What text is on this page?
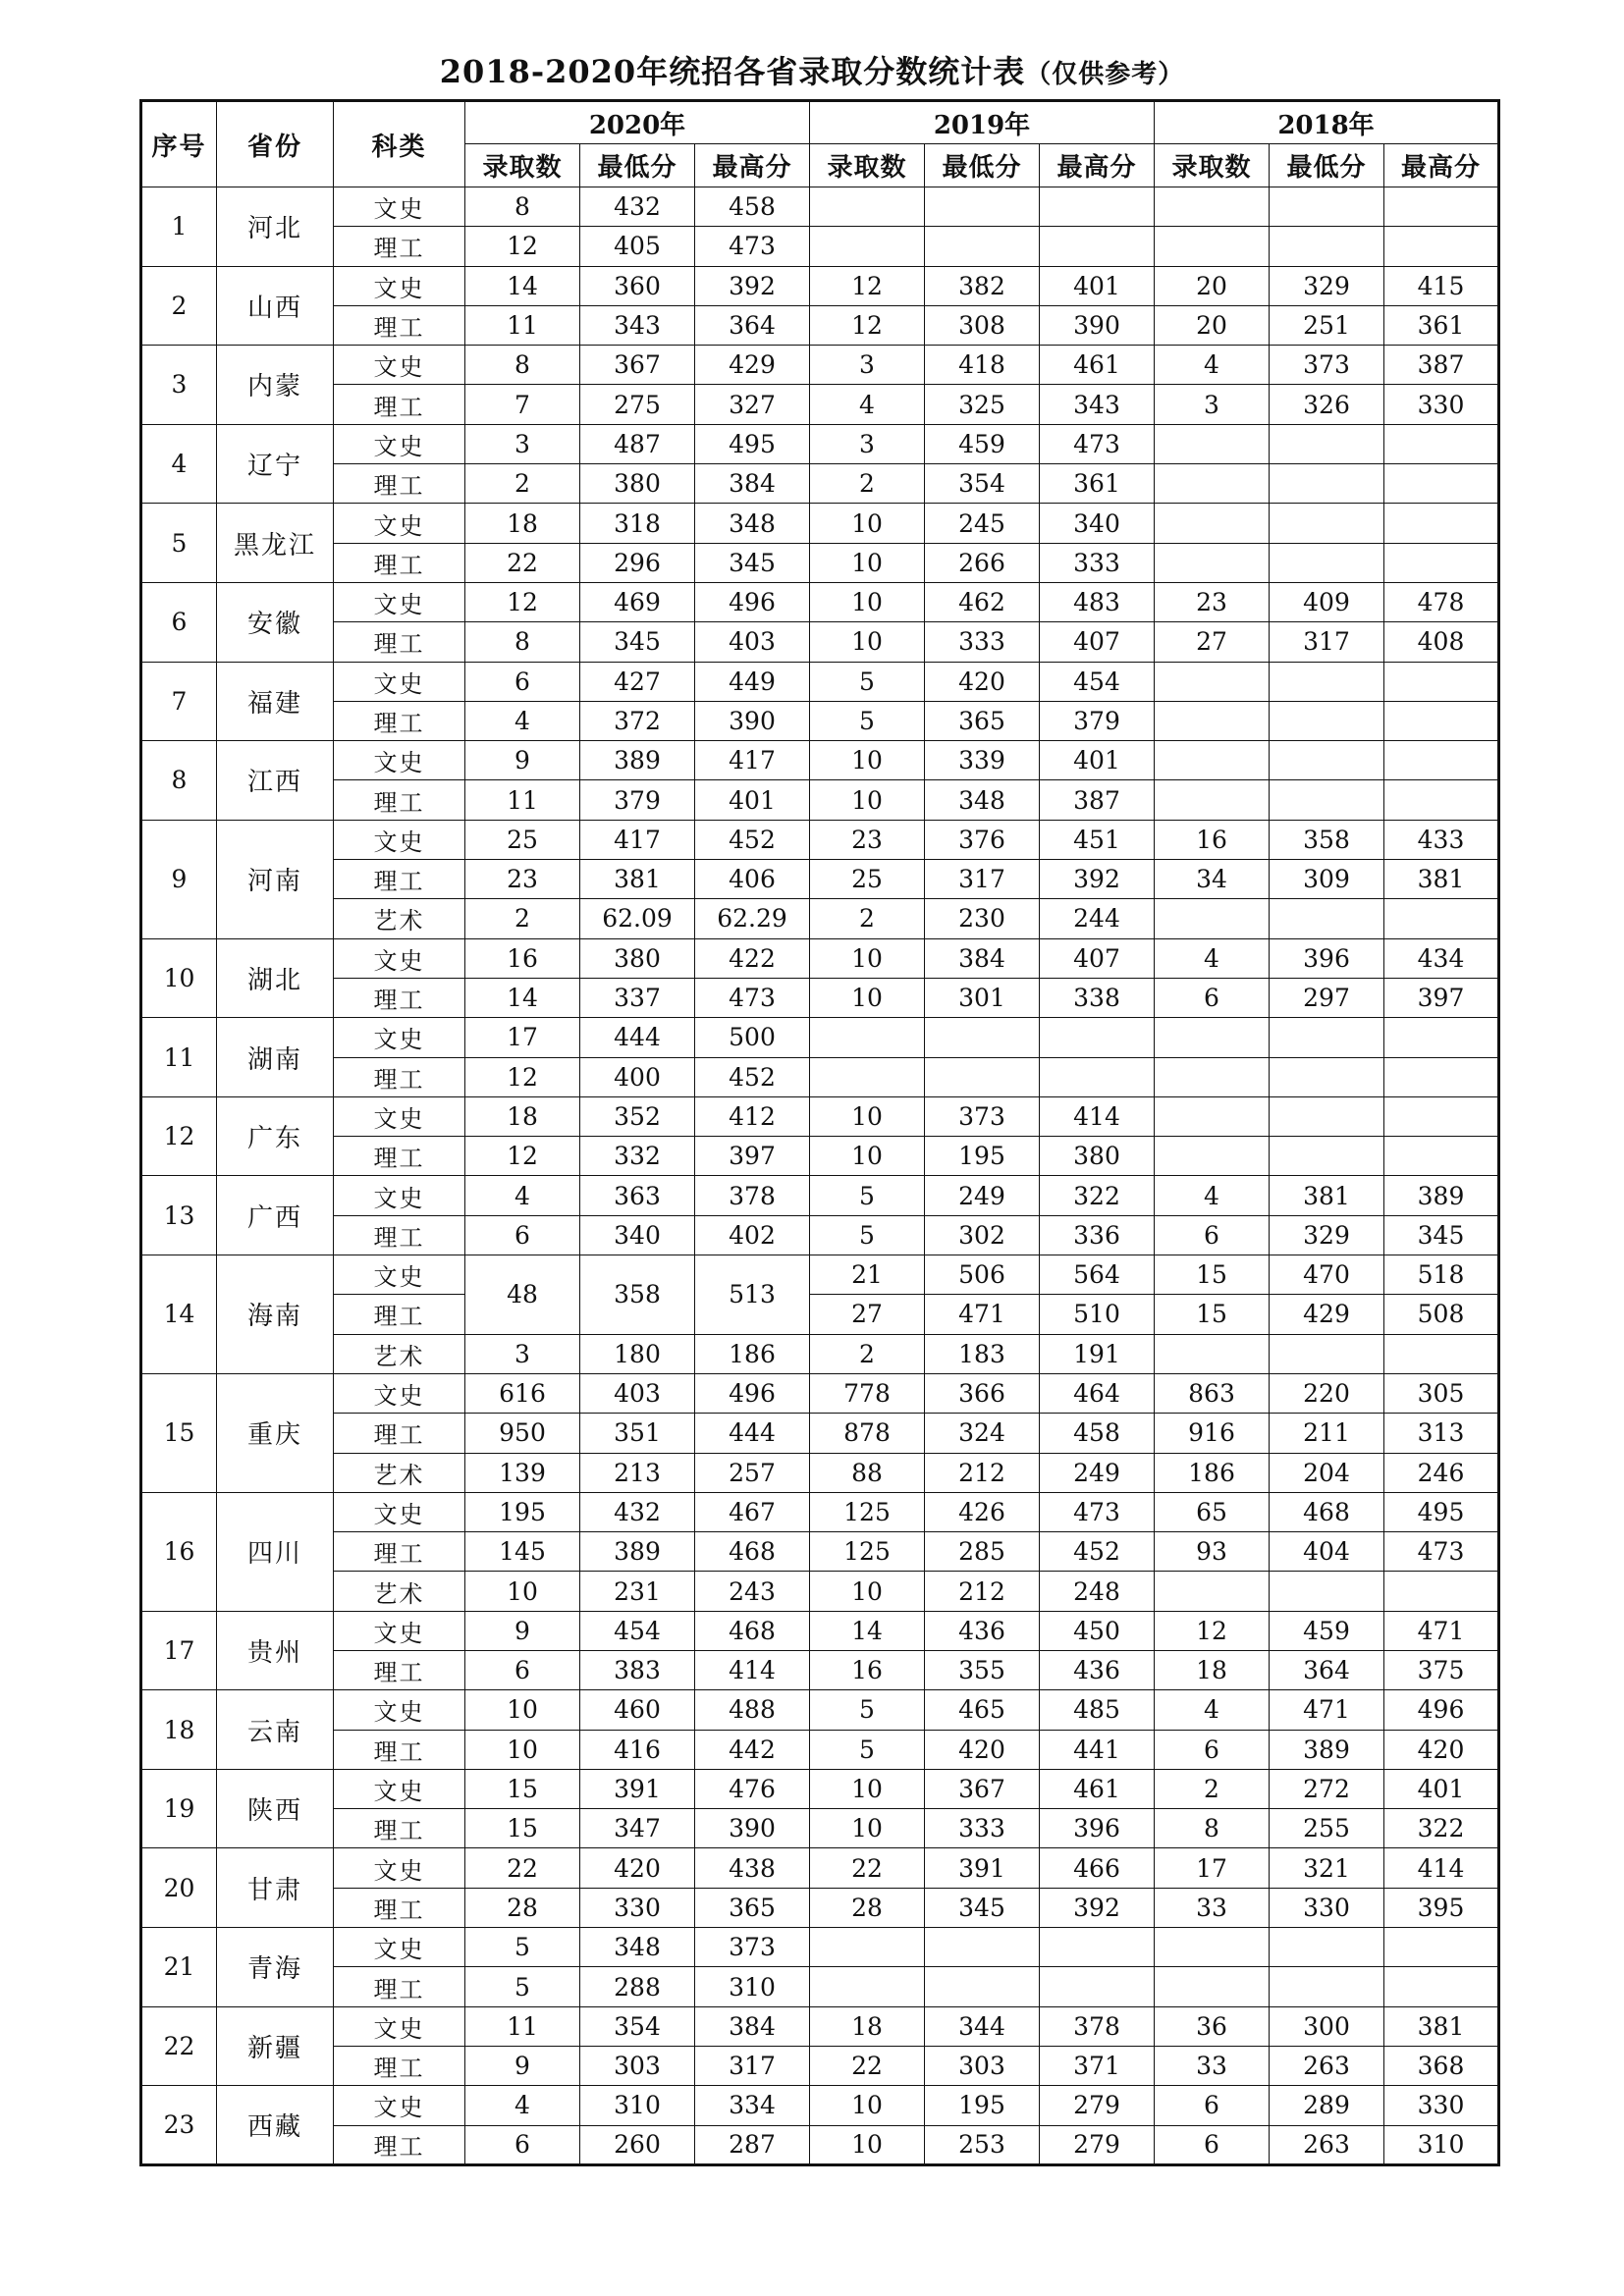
2018-2020年统招各省录取分数统计表（仅供参考）
序号	省份	科类	2020年			2019年			2018年		
			录取数	最低分	最高分	录取数	最低分	最高分	录取数	最低分	最高分
1	河北	文史	8	432	458						
		理工	12	405	473						
2	山西	文史	14	360	392	12	382	401	20	329	415
		理工	11	343	364	12	308	390	20	251	361
3	内蒙	文史	8	367	429	3	418	461	4	373	387
		理工	7	275	327	4	325	343	3	326	330
4	辽宁	文史	3	487	495	3	459	473			
		理工	2	380	384	2	354	361			
5	黑龙江	文史	18	318	348	10	245	340			
		理工	22	296	345	10	266	333			
6	安徽	文史	12	469	496	10	462	483	23	409	478
		理工	8	345	403	10	333	407	27	317	408
7	福建	文史	6	427	449	5	420	454			
		理工	4	372	390	5	365	379			
8	江西	文史	9	389	417	10	339	401			
		理工	11	379	401	10	348	387			
9	河南	文史	25	417	452	23	376	451	16	358	433
		理工	23	381	406	25	317	392	34	309	381
		艺术	2	62.09	62.29	2	230	244			
10	湖北	文史	16	380	422	10	384	407	4	396	434
		理工	14	337	473	10	301	338	6	297	397
11	湖南	文史	17	444	500						
		理工	12	400	452						
12	广东	文史	18	352	412	10	373	414			
		理工	12	332	397	10	195	380			
13	广西	文史	4	363	378	5	249	322	4	381	389
		理工	6	340	402	5	302	336	6	329	345
14	海南	文史	48	358	513	21	506	564	15	470	518
		理工				27	471	510	15	429	508
		艺术	3	180	186	2	183	191			
15	重庆	文史	616	403	496	778	366	464	863	220	305
		理工	950	351	444	878	324	458	916	211	313
		艺术	139	213	257	88	212	249	186	204	246
16	四川	文史	195	432	467	125	426	473	65	468	495
		理工	145	389	468	125	285	452	93	404	473
		艺术	10	231	243	10	212	248			
17	贵州	文史	9	454	468	14	436	450	12	459	471
		理工	6	383	414	16	355	436	18	364	375
18	云南	文史	10	460	488	5	465	485	4	471	496
		理工	10	416	442	5	420	441	6	389	420
19	陕西	文史	15	391	476	10	367	461	2	272	401
		理工	15	347	390	10	333	396	8	255	322
20	甘肃	文史	22	420	438	22	391	466	17	321	414
		理工	28	330	365	28	345	392	33	330	395
21	青海	文史	5	348	373						
		理工	5	288	310						
22	新疆	文史	11	354	384	18	344	378	36	300	381
		理工	9	303	317	22	303	371	33	263	368
23	西藏	文史	4	310	334	10	195	279	6	289	330
		理工	6	260	287	10	253	279	6	263	310
